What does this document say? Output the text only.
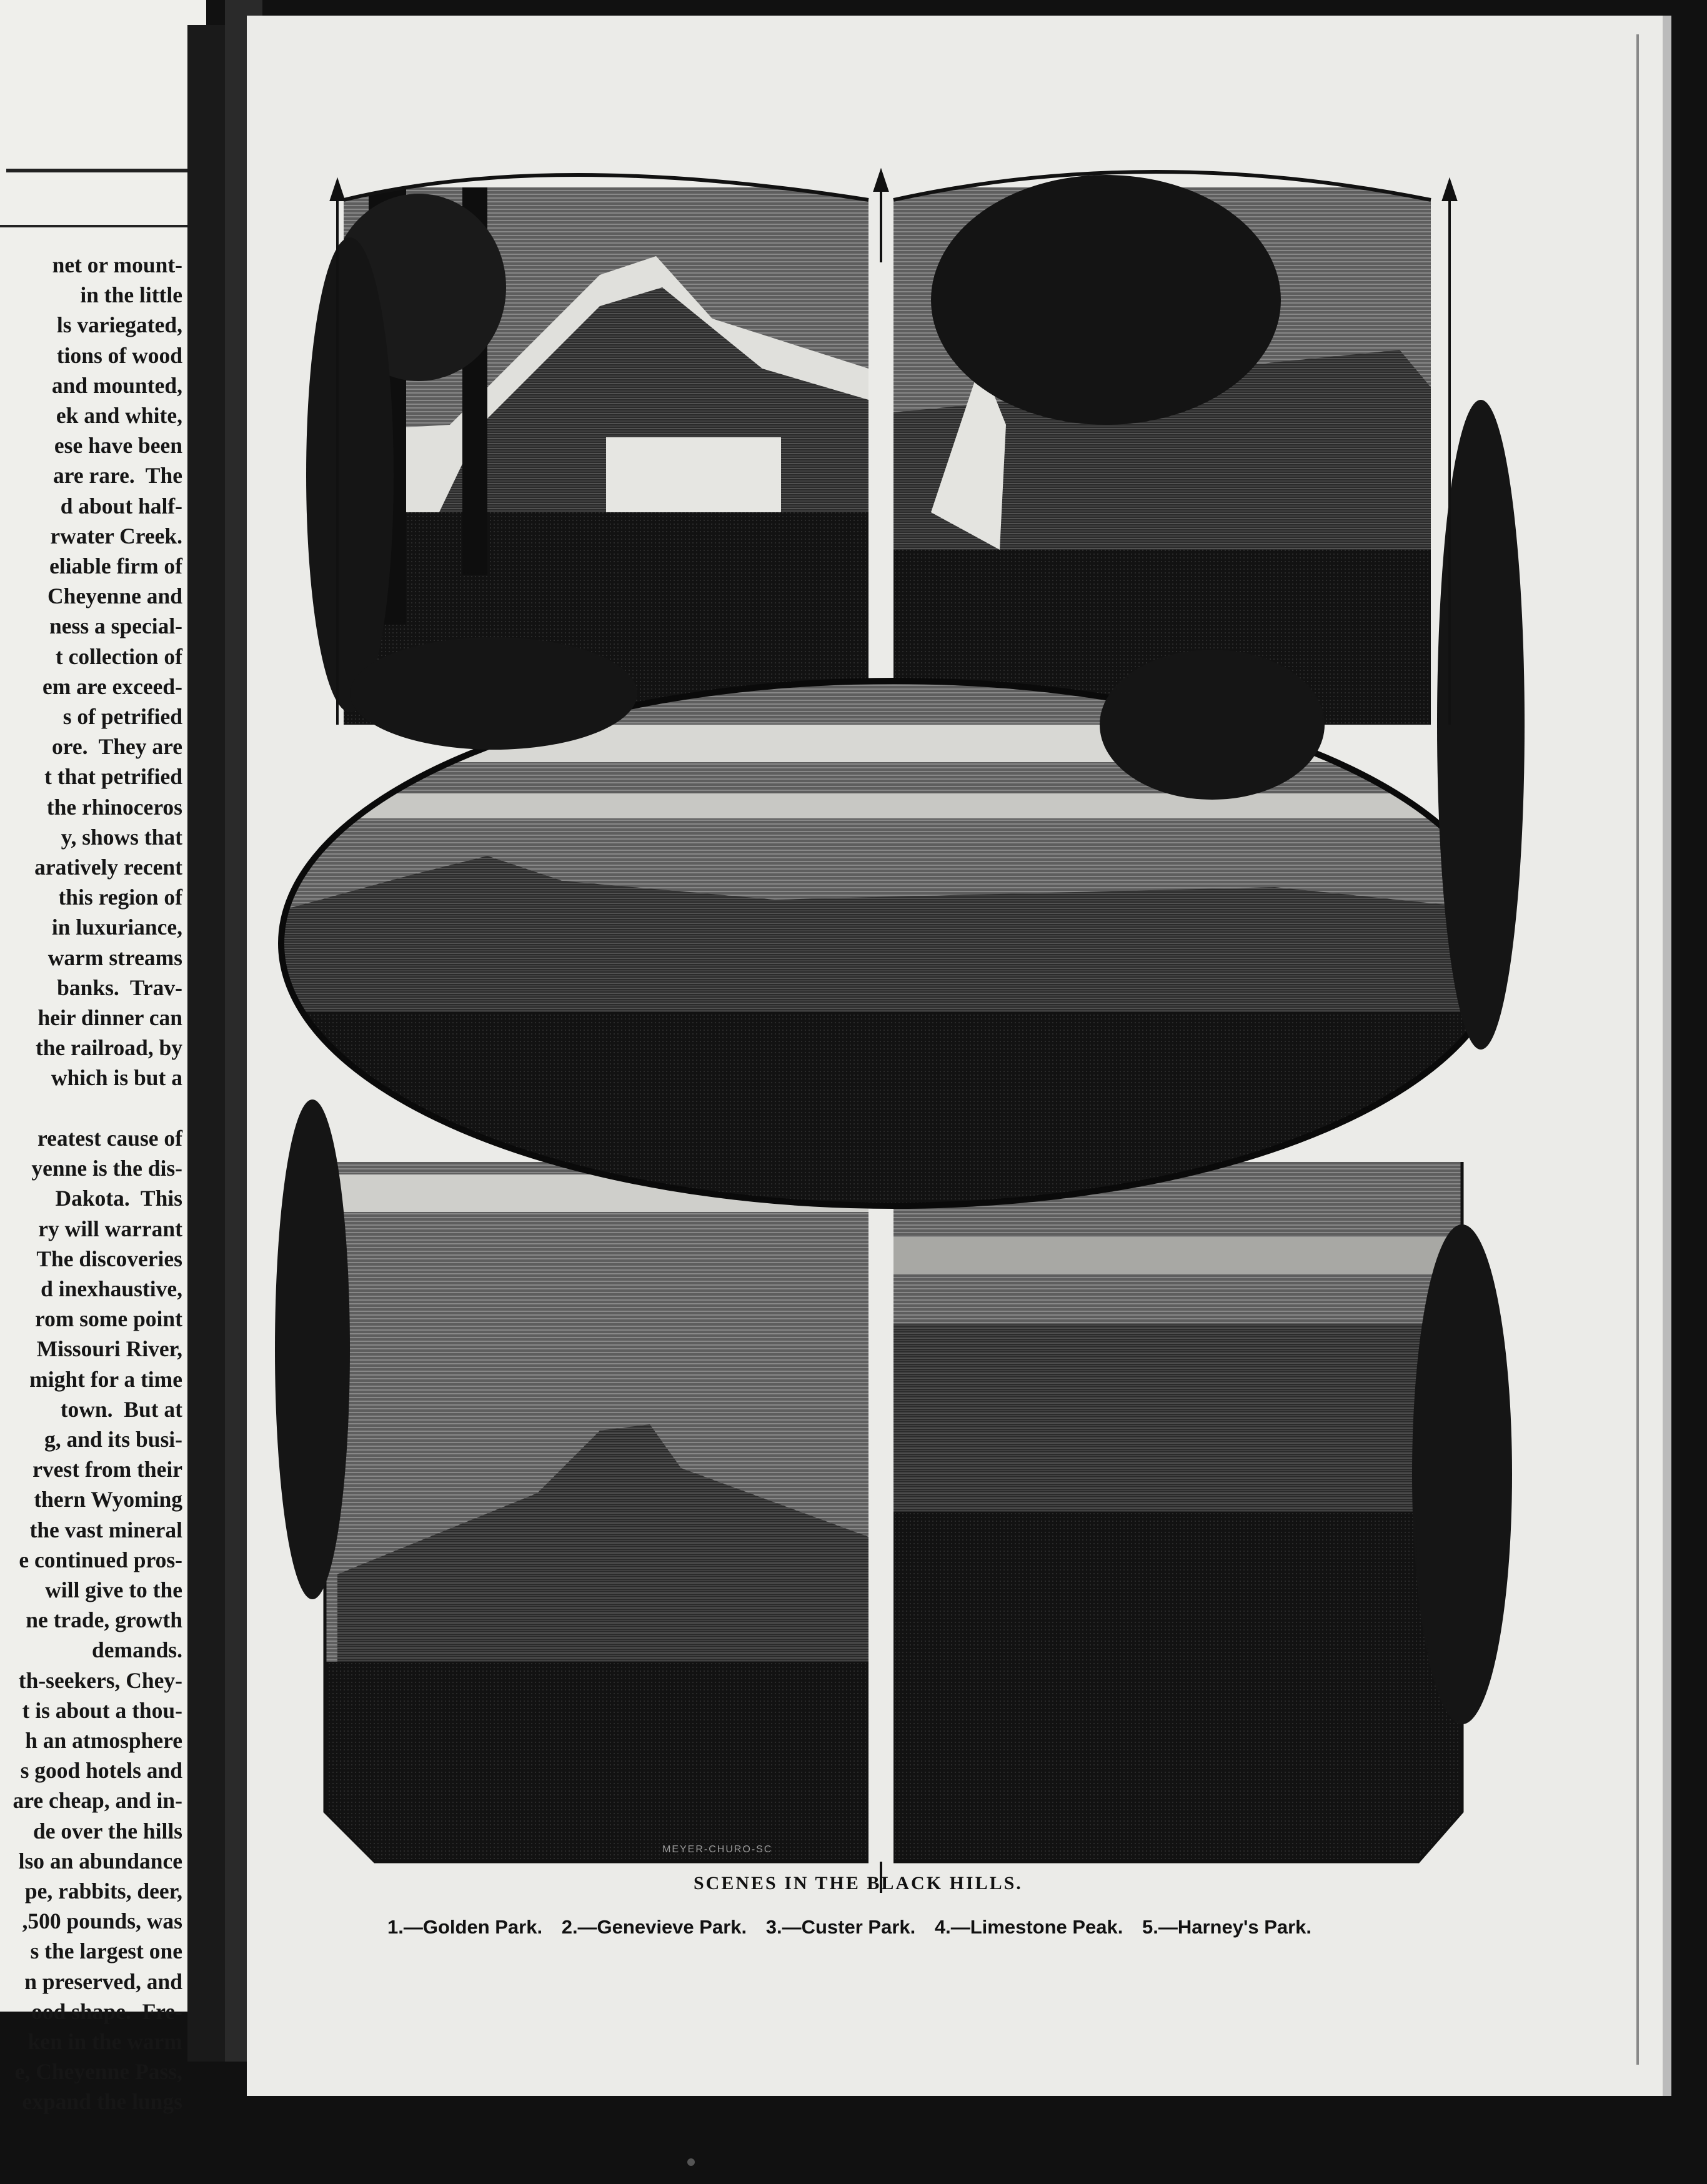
net or mount-
in the little
ls variegated,
tions of wood
and mounted,
ek and white,
ese have been
are rare.  The
d about half-
rwater Creek.
eliable firm of
Cheyenne and
ness a special-
t collection of
em are exceed-
s of petrified
ore.  They are
t that petrified
the rhinoceros
y, shows that
aratively recent
this region of
in luxuriance,
warm streams
banks.  Trav-
heir dinner can
the railroad, by
which is but a

reatest cause of
yenne is the dis-
Dakota.  This
ry will warrant
The discoveries
d inexhaustive,
rom some point
Missouri River,
might for a time
town.  But at
g, and its busi-
rvest from their
thern Wyoming
the vast mineral
e continued pros-
will give to the
ne trade, growth
demands.
th-seekers, Chey-
t is about a thou-
h an atmosphere
s good hotels and
are cheap, and in-
de over the hills
lso an abundance
pe, rabbits, deer,
,500 pounds, was
s the largest one
n preserved, and
ood shape.  Fre-
ken in the warm
e, Cheyenne Pass,
expand the lungs
MEYER-CHURO-SC
SCENES IN THE BLACK HILLS.
1.—Golden Park. 2.—Genevieve Park. 3.—Custer Park. 4.—Limestone Peak. 5.—Harney's Park.
